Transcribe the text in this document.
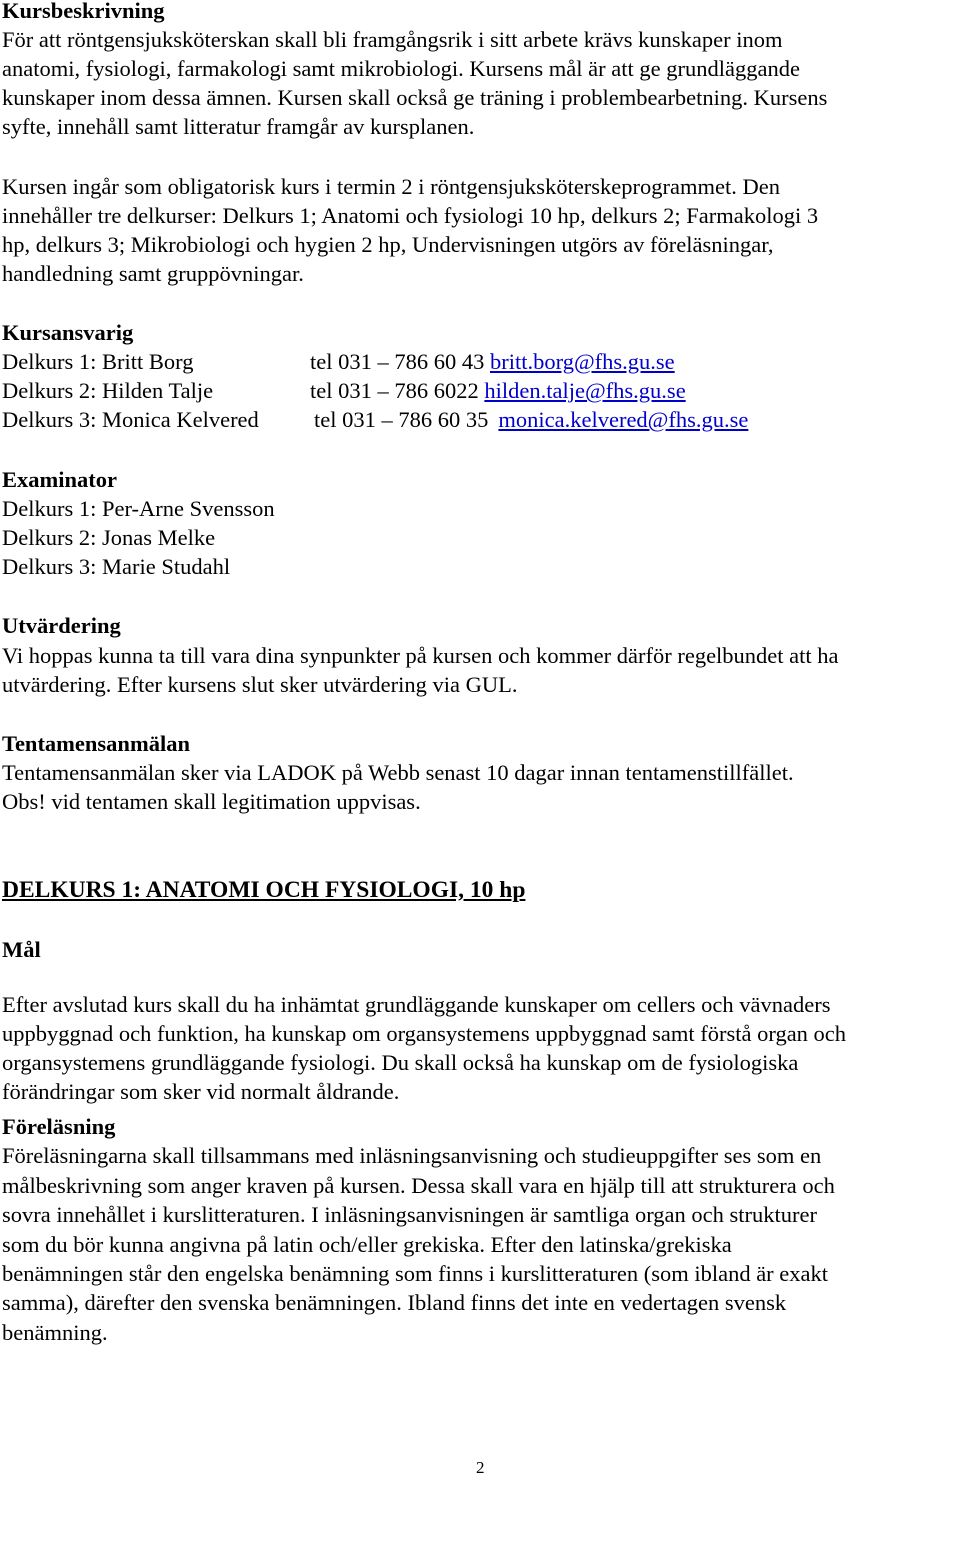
Kursbeskrivning
För att röntgensjuksköterskan skall bli framgångsrik i sitt arbete krävs kunskaper inom
anatomi, fysiologi, farmakologi samt mikrobiologi. Kursens mål är att ge grundläggande
kunskaper inom dessa ämnen. Kursen skall också ge träning i problembearbetning. Kursens
syfte, innehåll samt litteratur framgår av kursplanen.
Kursen ingår som obligatorisk kurs i termin 2 i röntgensjuksköterskeprogrammet. Den
innehåller tre delkurser: Delkurs 1; Anatomi och fysiologi 10 hp, delkurs 2; Farmakologi 3
hp, delkurs 3; Mikrobiologi och hygien 2 hp, Undervisningen utgörs av föreläsningar,
handledning samt gruppövningar.
Kursansvarig
Delkurs 1: Britt Borg	tel 031 – 786 60 43 britt.borg@fhs.gu.se
Delkurs 2: Hilden Talje	tel 031 – 786 6022 hilden.talje@fhs.gu.se
Delkurs 3: Monica Kelvered tel 031 – 786 60 35 monica.kelvered@fhs.gu.se
Examinator
Delkurs 1: Per-Arne Svensson
Delkurs 2: Jonas Melke
Delkurs 3: Marie Studahl
Utvärdering
Vi hoppas kunna ta till vara dina synpunkter på kursen och kommer därför regelbundet att ha
utvärdering. Efter kursens slut sker utvärdering via GUL.
Tentamensanmälan
Tentamensanmälan sker via LADOK på Webb senast 10 dagar innan tentamenstillfället.
Obs! vid tentamen skall legitimation uppvisas.
DELKURS 1: ANATOMI OCH FYSIOLOGI, 10 hp
Mål
Efter avslutad kurs skall du ha inhämtat grundläggande kunskaper om cellers och vävnaders
uppbyggnad och funktion, ha kunskap om organsystemens uppbyggnad samt förstå organ och
organsystemens grundläggande fysiologi. Du skall också ha kunskap om de fysiologiska
förändringar som sker vid normalt åldrande.
Föreläsning
Föreläsningarna skall tillsammans med inläsningsanvisning och studieuppgifter ses som en
målbeskrivning som anger kraven på kursen. Dessa skall vara en hjälp till att strukturera och
sovra innehållet i kurslitteraturen. I inläsningsanvisningen är samtliga organ och strukturer
som du bör kunna angivna på latin och/eller grekiska. Efter den latinska/grekiska
benämningen står den engelska benämning som finns i kurslitteraturen (som ibland är exakt
samma), därefter den svenska benämningen. Ibland finns det inte en vedertagen svensk
benämning.
2
